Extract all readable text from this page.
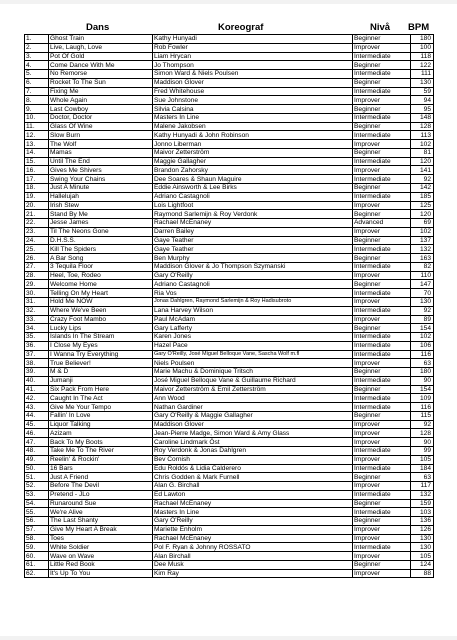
Dans	Koreograf	Nivå BPM
1.	Ghost Train	Kathy Hunyadi	Beginner	180
2.	Live, Laugh, Love	Rob Fowler	Improver	100
3.	Pot Of Gold	Liam Hrycan	Intermediate	118
4.	Come Dance With Me	Jo Thompson	Beginner	122
5.	No Remorse	Simon Ward & Niels Poulsen	Intermediate	111
6.	Rocket To The Sun	Maddison Glover	Beginner	130
7.	Fixing Me	Fred Whitehouse	Intermediate	59
8.	Whole Again	Sue Johnstone	Improver	94
9.	Last Cowboy	Silvia Calsina	Beginner	95
10.	Doctor, Doctor	Masters In Line	Intermediate	148
11.	Glass Of Wine	Malene Jakobsen	Beginner	128
12.	Slow Burn	Kathy Hunyadi & John Robinson	Intermediate	113
13.	The Wolf	Jonno Liberman	Improver	102
14.	Mamas	Maivor Zetterström	Beginner	81
15.	Until The End	Maggie Gallagher	Intermediate	120
16.	Gives Me Shivers	Brandon Zahorsky	Improver	141
17.	Swing Your Chains	Dee Soares & Shaun Maguire	Intermediate	92
18.	Just A Minute	Eddie Ainsworth & Lee Birks	Beginner	142
19.	Hallelujah	Adriano Castagnoli	Intermediate	185
20.	Irish Stew	Lois Lightfoot	Improver	125
21.	Stand By Me	Raymond Sarlemijn & Roy Verdonk	Beginner	120
22.	Jesse James	Rachael McEnaney	Advanced	69
23.	Til The Neons Gone	Darren Bailey	Improver	102
24.	D.H.S.S.	Gaye Teather	Beginner	137
25.	Kill The Spiders	Gaye Teather	Intermediate	132
26.	A Bar Song	Ben Murphy	Beginner	163
27.	3 Tequila Floor	Maddison Glover & Jo Thompson Szymanski	Intermediate	82
28.	Heel, Toe, Rodeo	Gary O'Reilly	Improver	110
29.	Welcome Home	Adriano Castagnoli	Beginner	147
30.	Telling On My Heart	Ria Vos	Intermediate	70
31.	Hold Me NOW	Jonas Dahlgren, Raymond Sarlemijn & Roy Hadisubroto	Improver	130
32.	Where We've Been	Lana Harvey Wilson	Intermediate	92
33.	Crazy Foot Mambo	Paul McAdam	Improver	89
34.	Lucky Lips	Gary Lafferty	Beginner	154
35.	Islands In The Stream	Karen Jones	Intermediate	102
36.	I Close My Eyes	Hazel Pace	Intermediate	106
37.	I Wanna Try Everything	Gary O'Reilly, José Miguel Belloque Vane, Sascha Wolf m.fl	Intermediate	116
38.	True Believer!	Niels Poulsen	Improver	63
39.	M & D	Marie Machu & Dominique Tritsch	Beginner	180
40.	Jumanji	José Miguel Belloque Vane & Guillaume Richard	Intermediate	90
41.	Six Pack From Here	Maivor Zetterström & Emil Zetterström	Beginner	154
42.	Caught In The Act	Ann Wood	Intermediate	109
43.	Give Me Your Tempo	Nathan Gardiner	Intermediate	116
44.	Fallin' In Love	Gary O'Reilly & Maggie Gallagher	Beginner	115
45.	Liquor Talking	Maddison Glover	Improver	92
46.	Azizam	Jean-Pierre Madge, Simon Ward & Amy Glass	Improver	128
47.	Back To My Boots	Caroline Lindmark Öst	Improver	90
48.	Take Me To The River	Roy Verdonk & Jonas Dahlgren	Intermediate	99
49.	Reelin' & Rockin'	Bev Cornish	Improver	105
50.	16 Bars	Edu Roldós & Lidia Calderero	Intermediate	184
51.	Just A Friend	Chris Godden & Mark Furnell	Beginner	63
52.	Before The Devil	Alan G. Birchall	Improver	117
53.	Pretend - JLo	Ed Lawton	Intermediate	132
54.	Runaround Sue	Rachael McEnaney	Beginner	159
55.	We're Alive	Masters In Line	Intermediate	103
56.	The Last Shanty	Gary O'Reilly	Beginner	136
57.	Give My Heart A Break	Mariette Enholm	Improver	126
58.	Toes	Rachael McEnaney	Improver	130
59.	White Soldier	Pol F. Ryan & Johnny ROSSATO	Intermediate	130
60.	Wave on Wave	Alan Birchall	Improver	105
61.	Little Red Book	Dee Musk	Beginner	124
62.	It's Up To You	Kim Ray	Improver	88
